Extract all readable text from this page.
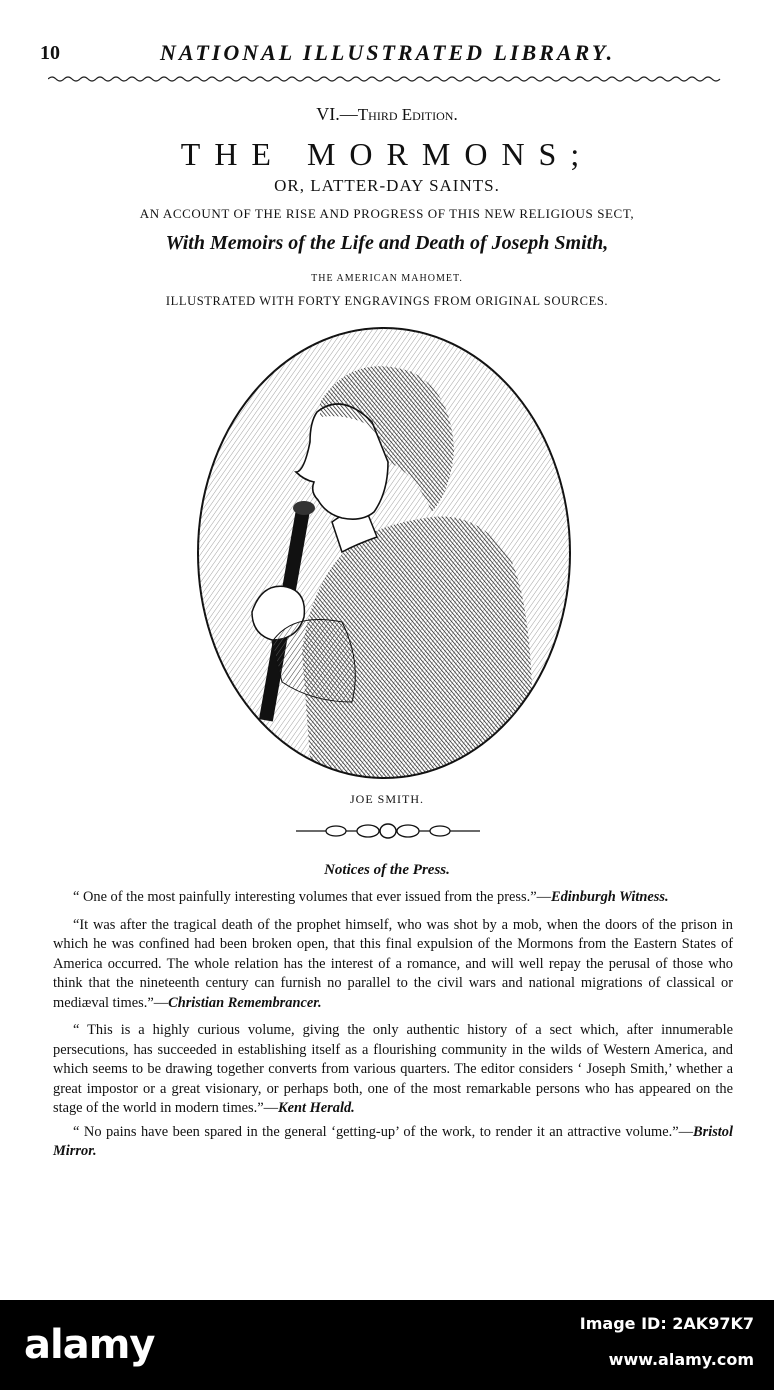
10	NATIONAL ILLUSTRATED LIBRARY.
VI.—Third Edition.
THE MORMONS;
OR, LATTER-DAY SAINTS.
AN ACCOUNT OF THE RISE AND PROGRESS OF THIS NEW RELIGIOUS SECT,
With Memoirs of the Life and Death of Joseph Smith,
THE AMERICAN MAHOMET.
ILLUSTRATED WITH FORTY ENGRAVINGS FROM ORIGINAL SOURCES.
JOE SMITH.
Notices of the Press.

“ One of the most painfully interesting volumes that ever issued from the press.”—Edinburgh Witness.

“It was after the tragical death of the prophet himself, who was shot by a mob, when the doors of the prison in which he was confined had been broken open, that this final expulsion of the Mormons from the Eastern States of America occurred. The whole relation has the interest of a romance, and will well repay the perusal of those who think that the nineteenth century can furnish no parallel to the civil wars and national migrations of classical or mediæval times.”—Christian Remembrancer.

“ This is a highly curious volume, giving the only authentic history of a sect which, after innumerable persecutions, has succeeded in establishing itself as a flourishing community in the wilds of Western America, and which seems to be drawing together converts from various quarters. The editor considers ‘ Joseph Smith,’ whether a great impostor or a great visionary, or perhaps both, one of the most remarkable persons who has appeared on the stage of the world in modern times.”—Kent Herald.

“ No pains have been spared in the general ‘getting-up’ of the work, to render it an attractive volume.”—Bristol Mirror.

alamy	Image ID: 2AK97K7
www.alamy.com
